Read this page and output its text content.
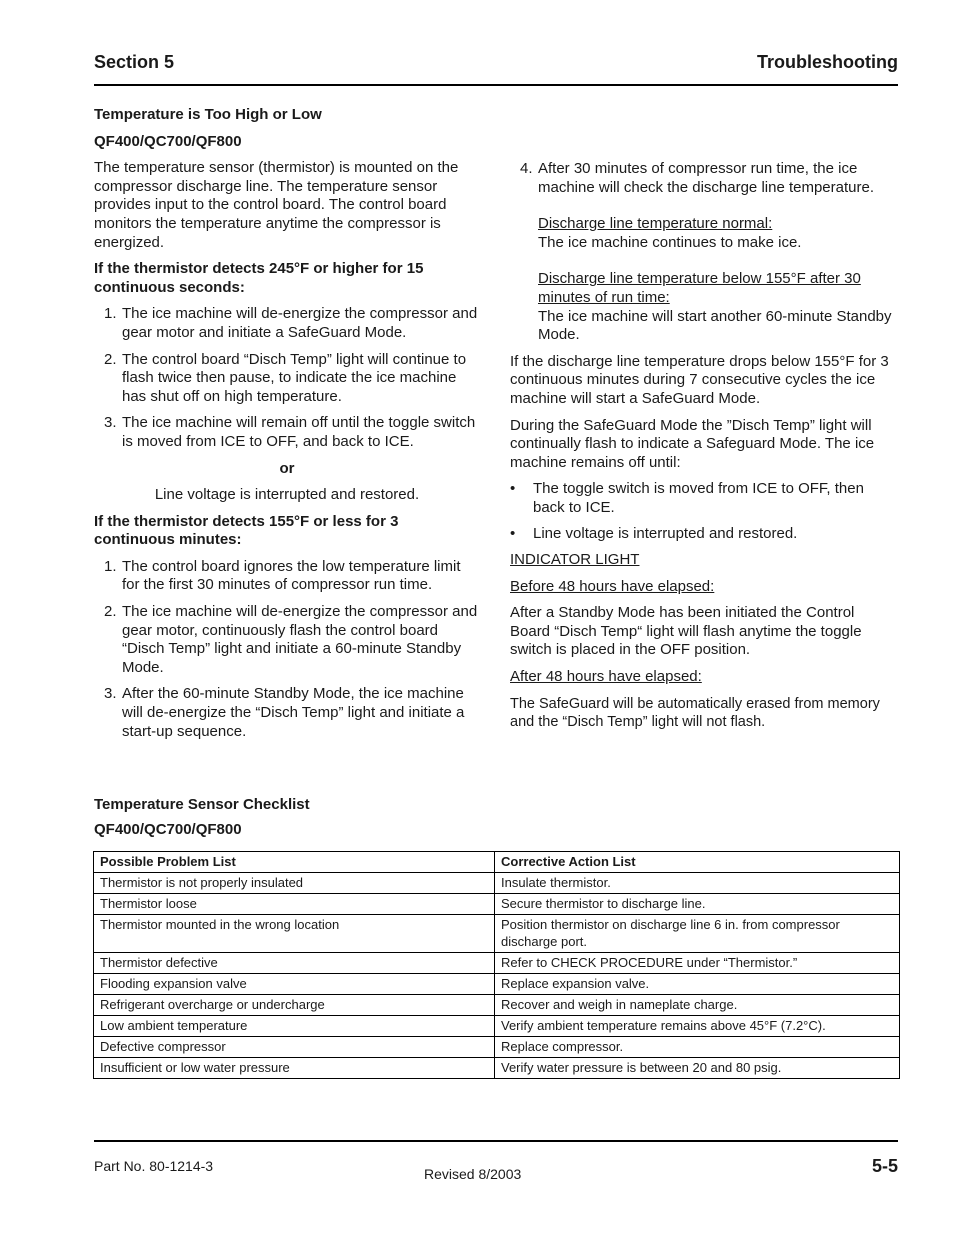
Section 5	Troubleshooting
Temperature is Too High or Low
QF400/QC700/QF800
The temperature sensor (thermistor) is mounted on the compressor discharge line. The temperature sensor provides input to the control board. The control board monitors the temperature anytime the compressor is energized.
If the thermistor detects 245°F or higher for 15 continuous seconds:
1. The ice machine will de-energize the compressor and gear motor and initiate a SafeGuard Mode.
2. The control board “Disch Temp” light will continue to flash twice then pause, to indicate the ice machine has shut off on high temperature.
3. The ice machine will remain off until the toggle switch is moved from ICE to OFF, and back to ICE.
or
Line voltage is interrupted and restored.
If the thermistor detects 155°F or less for 3 continuous minutes:
1. The control board ignores the low temperature limit for the first 30 minutes of compressor run time.
2. The ice machine will de-energize the compressor and gear motor, continuously flash the control board “Disch Temp” light and initiate a 60-minute Standby Mode.
3. After the 60-minute Standby Mode, the ice machine will de-energize the “Disch Temp” light and initiate a start-up sequence.
4. After 30 minutes of compressor run time, the ice machine will check the discharge line temperature.
Discharge line temperature normal:
The ice machine continues to make ice.
Discharge line temperature below 155°F after 30 minutes of run time:
The ice machine will start another 60-minute Standby Mode.
If the discharge line temperature drops below 155°F for 3 continuous minutes during 7 consecutive cycles the ice machine will start a SafeGuard Mode.
During the SafeGuard Mode the ”Disch Temp” light will continually flash to indicate a Safeguard Mode. The ice machine remains off until:
• The toggle switch is moved from ICE to OFF, then back to ICE.
• Line voltage is interrupted and restored.
INDICATOR LIGHT
Before 48 hours have elapsed:
After a Standby Mode has been initiated the Control Board “Disch Temp“ light will flash anytime the toggle switch is placed in the OFF position.
After 48 hours have elapsed:
The SafeGuard will be automatically erased from memory and the “Disch Temp” light will not flash.
Temperature Sensor Checklist
QF400/QC700/QF800
Possible Problem List	Corrective Action List
Thermistor is not properly insulated	Insulate thermistor.
Thermistor loose	Secure thermistor to discharge line.
Thermistor mounted in the wrong location	Position thermistor on discharge line 6 in. from compressor discharge port.
Thermistor defective	Refer to CHECK PROCEDURE under “Thermistor.”
Flooding expansion valve	Replace expansion valve.
Refrigerant overcharge or undercharge	Recover and weigh in nameplate charge.
Low ambient temperature	Verify ambient temperature remains above 45°F (7.2°C).
Defective compressor	Replace compressor.
Insufficient or low water pressure	Verify water pressure is between 20 and 80 psig.
Part No. 80-1214-3	Revised 8/2003	5-5
